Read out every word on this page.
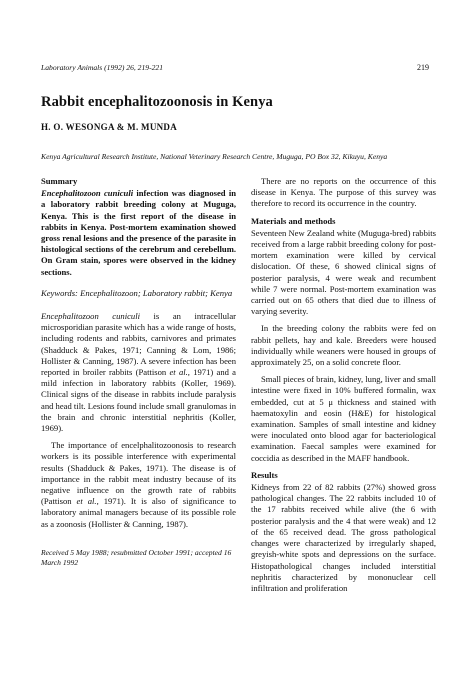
Laboratory Animals (1992) 26, 219-221	219
Rabbit encephalitozoonosis in Kenya
H. O. WESONGA & M. MUNDA
Kenya Agricultural Research Institute, National Veterinary Research Centre, Muguga, PO Box 32, Kikuyu, Kenya
Summary

Encephalitozoon cuniculi infection was diagnosed in a laboratory rabbit breeding colony at Muguga, Kenya. This is the first report of the disease in rabbits in Kenya. Post-mortem examination showed gross renal lesions and the presence of the parasite in histological sections of the cerebrum and cerebellum. On Gram stain, spores were observed in the kidney sections.

Keywords: Encephalitozoon; Laboratory rabbit; Kenya

Encephalitozoon cuniculi is an intracellular microsporidian parasite which has a wide range of hosts, including rodents and rabbits, carnivores and primates (Shadduck & Pakes, 1971; Canning & Lom, 1986; Hollister & Canning, 1987). A severe infection has been reported in broiler rabbits (Pattison et al., 1971) and a mild infection in laboratory rabbits (Koller, 1969). Clinical signs of the disease in rabbits include paralysis and head tilt. Lesions found include small granulomas in the brain and chronic interstitial nephritis (Koller, 1969).

The importance of encelphalitozoonosis to research workers is its possible interference with experimental results (Shadduck & Pakes, 1971). The disease is of importance in the rabbit meat industry because of its negative influence on the growth rate of rabbits (Pattison et al., 1971). It is also of significance to laboratory animal managers because of its possible role as a zoonosis (Hollister & Canning, 1987).

Received 5 May 1988; resubmitted October 1991; accepted 16 March 1992

There are no reports on the occurrence of this disease in Kenya. The purpose of this survey was therefore to record its occurrence in the country.

Materials and methods

Seventeen New Zealand white (Muguga-bred) rabbits received from a large rabbit breeding colony for post-mortem examination were killed by cervical dislocation. Of these, 6 showed clinical signs of posterior paralysis, 4 were weak and recumbent while 7 were normal. Post-mortem examination was carried out on 65 others that died due to illness of varying severity.

In the breeding colony the rabbits were fed on rabbit pellets, hay and kale. Breeders were housed individually while weaners were housed in groups of approximately 25, on a solid concrete floor.

Small pieces of brain, kidney, lung, liver and small intestine were fixed in 10% buffered formalin, wax embedded, cut at 5 μ thickness and stained with haematoxylin and eosin (H&E) for histological examination. Samples of small intestine and kidney were inoculated onto blood agar for bacteriological examination. Faecal samples were examined for coccidia as described in the MAFF handbook.

Results

Kidneys from 22 of 82 rabbits (27%) showed gross pathological changes. The 22 rabbits included 10 of the 17 rabbits received while alive (the 6 with posterior paralysis and the 4 that were weak) and 12 of the 65 received dead. The gross pathological changes were characterized by irregularly shaped, greyish-white spots and depressions on the surface. Histopathological changes included interstitial nephritis characterized by mononuclear cell infiltration and proliferation
